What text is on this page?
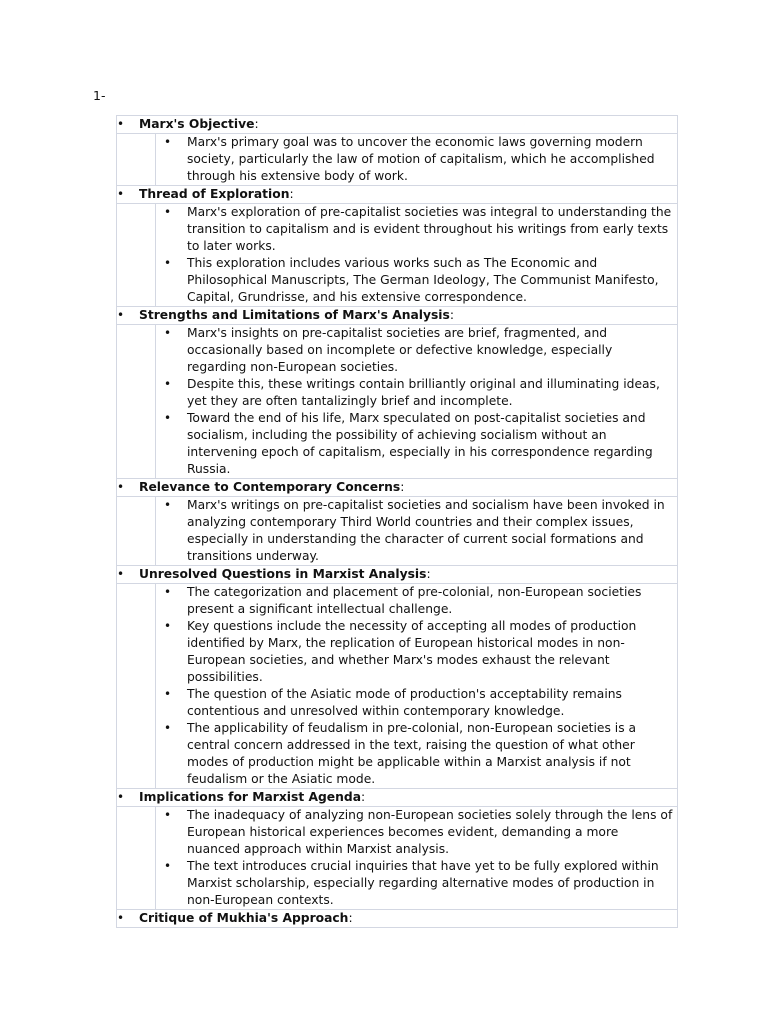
1-
• Marx's Objective:
• Marx's primary goal was to uncover the economic laws governing modern society, particularly the law of motion of capitalism, which he accomplished through his extensive body of work.
• Thread of Exploration:
• Marx's exploration of pre-capitalist societies was integral to understanding the transition to capitalism and is evident throughout his writings from early texts to later works.
• This exploration includes various works such as The Economic and Philosophical Manuscripts, The German Ideology, The Communist Manifesto, Capital, Grundrisse, and his extensive correspondence.
• Strengths and Limitations of Marx's Analysis:
• Marx's insights on pre-capitalist societies are brief, fragmented, and occasionally based on incomplete or defective knowledge, especially regarding non-European societies.
• Despite this, these writings contain brilliantly original and illuminating ideas, yet they are often tantalizingly brief and incomplete.
• Toward the end of his life, Marx speculated on post-capitalist societies and socialism, including the possibility of achieving socialism without an intervening epoch of capitalism, especially in his correspondence regarding Russia.
• Relevance to Contemporary Concerns:
• Marx's writings on pre-capitalist societies and socialism have been invoked in analyzing contemporary Third World countries and their complex issues, especially in understanding the character of current social formations and transitions underway.
• Unresolved Questions in Marxist Analysis:
• The categorization and placement of pre-colonial, non-European societies present a significant intellectual challenge.
• Key questions include the necessity of accepting all modes of production identified by Marx, the replication of European historical modes in non-European societies, and whether Marx's modes exhaust the relevant possibilities.
• The question of the Asiatic mode of production's acceptability remains contentious and unresolved within contemporary knowledge.
• The applicability of feudalism in pre-colonial, non-European societies is a central concern addressed in the text, raising the question of what other modes of production might be applicable within a Marxist analysis if not feudalism or the Asiatic mode.
• Implications for Marxist Agenda:
• The inadequacy of analyzing non-European societies solely through the lens of European historical experiences becomes evident, demanding a more nuanced approach within Marxist analysis.
• The text introduces crucial inquiries that have yet to be fully explored within Marxist scholarship, especially regarding alternative modes of production in non-European contexts.
• Critique of Mukhia's Approach:
